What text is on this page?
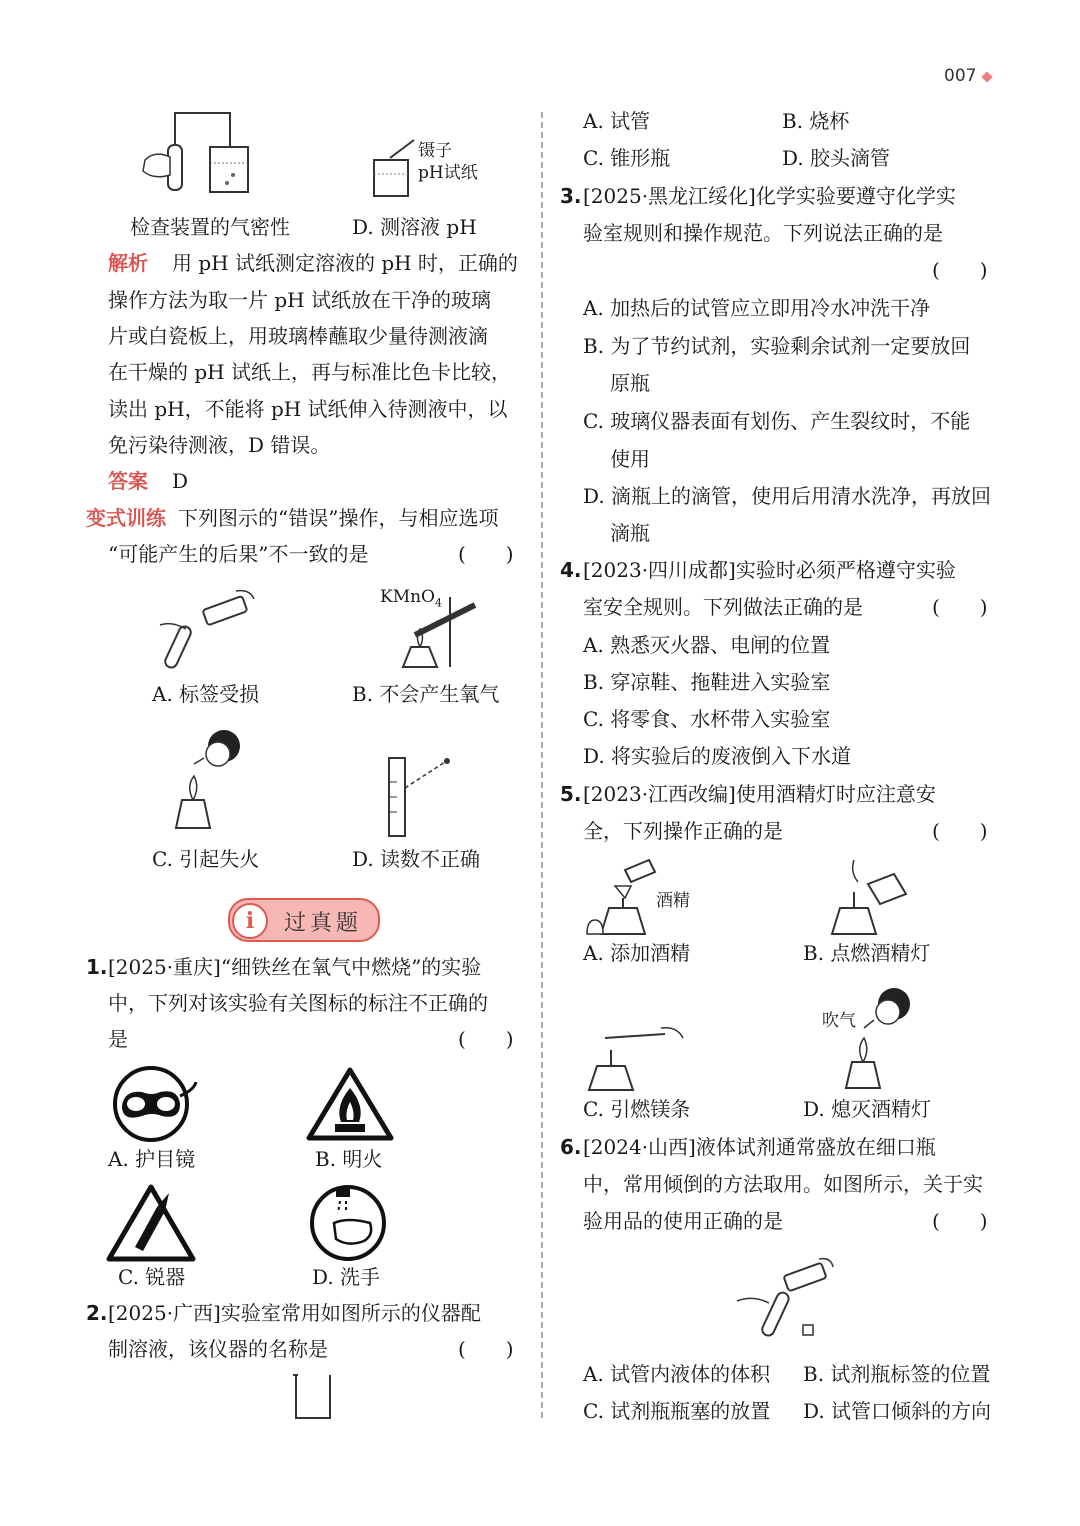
007
镊子
pH试纸
检查装置的气密性	D. 测溶液 pH
解析 用 pH 试纸测定溶液的 pH 时，正确的
操作方法为取一片 pH 试纸放在干净的玻璃
片或白瓷板上，用玻璃棒蘸取少量待测液滴
在干燥的 pH 试纸上，再与标准比色卡比较，
读出 pH，不能将 pH 试纸伸入待测液中，以
免污染待测液，D 错误。
答案 D
变式训练 下列图示的“错误”操作，与相应选项
“可能产生的后果”不一致的是	(　　)
KMnO$_4$
A. 标签受损	B. 不会产生氧气
C. 引起失火	D. 读数不正确
i	过真题
1. [2025·重庆]“细铁丝在氧气中燃烧”的实验
中，下列对该实验有关图标的标注不正确的
是	(　　)
A. 护目镜	B. 明火
C. 锐器	D. 洗手
2. [2025·广西]实验室常用如图所示的仪器配
制溶液，该仪器的名称是	(　　)
A. 试管	B. 烧杯
C. 锥形瓶	D. 胶头滴管
3. [2025·黑龙江绥化]化学实验要遵守化学实
验室规则和操作规范。下列说法正确的是
(　　)
A. 加热后的试管应立即用冷水冲洗干净
B. 为了节约试剂，实验剩余试剂一定要放回
原瓶
C. 玻璃仪器表面有划伤、产生裂纹时，不能
使用
D. 滴瓶上的滴管，使用后用清水洗净，再放回
滴瓶
4. [2023·四川成都]实验时必须严格遵守实验
室安全规则。下列做法正确的是	(　　)
A. 熟悉灭火器、电闸的位置
B. 穿凉鞋、拖鞋进入实验室
C. 将零食、水杯带入实验室
D. 将实验后的废液倒入下水道
5. [2023·江西改编]使用酒精灯时应注意安
全，下列操作正确的是	(　　)
酒精
A. 添加酒精	B. 点燃酒精灯
吹气
C. 引燃镁条	D. 熄灭酒精灯
6. [2024·山西]液体试剂通常盛放在细口瓶
中，常用倾倒的方法取用。如图所示，关于实
验用品的使用正确的是	(　　)
A. 试管内液体的体积 B. 试剂瓶标签的位置
C. 试剂瓶瓶塞的放置 D. 试管口倾斜的方向
